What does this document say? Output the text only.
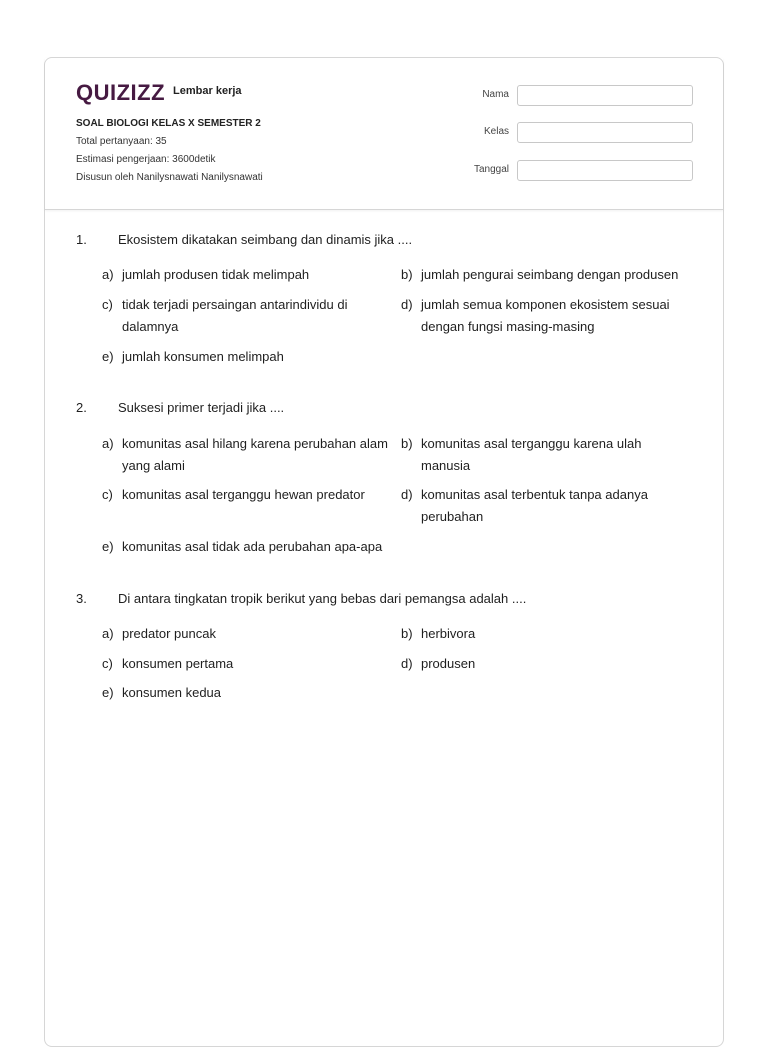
QUIZIZZ Lembar kerja
SOAL BIOLOGI KELAS X SEMESTER 2
Total pertanyaan: 35
Estimasi pengerjaan: 3600detik
Disusun oleh Nanilysnawati Nanilysnawati
Nama
Kelas
Tanggal
1. Ekosistem dikatakan seimbang dan dinamis jika ....
a) jumlah produsen tidak melimpah	b) jumlah pengurai seimbang dengan produsen
c) tidak terjadi persaingan antarindividu di
dalamnya
d) jumlah semua komponen ekosistem sesuai
dengan fungsi masing-masing
e) jumlah konsumen melimpah
2. Suksesi primer terjadi jika ....
a) komunitas asal hilang karena perubahan alam
yang alami
b) komunitas asal terganggu karena ulah
manusia
c) komunitas asal terganggu hewan predator	d) komunitas asal terbentuk tanpa adanya
perubahan
e) komunitas asal tidak ada perubahan apa-apa
3. Di antara tingkatan tropik berikut yang bebas dari pemangsa adalah ....
a) predator puncak	b) herbivora
c) konsumen pertama	d) produsen
e) konsumen kedua
